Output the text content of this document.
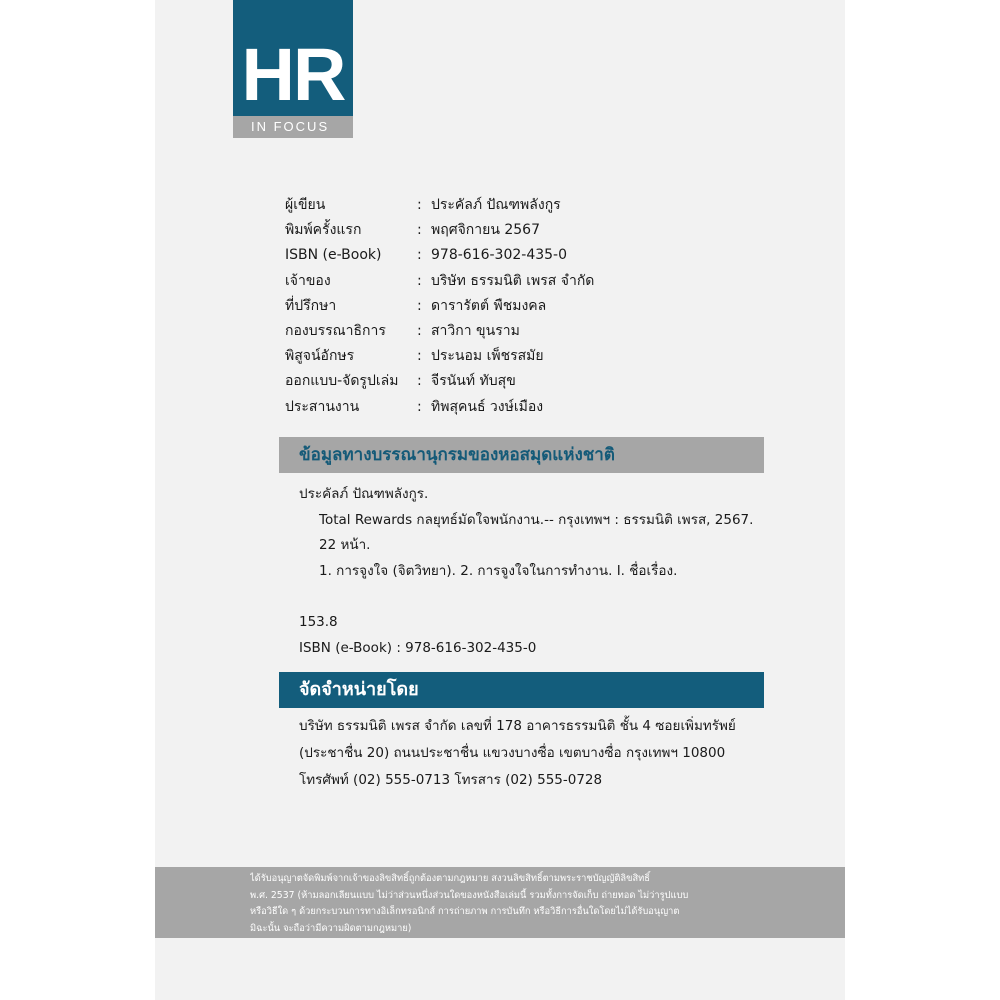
HR
IN FOCUS
ผู้เขียน	: ประคัลภ์ ปัณฑพลังกูร
พิมพ์ครั้งแรก	: พฤศจิกายน 2567
ISBN (e-Book)	: 978-616-302-435-0
เจ้าของ	: บริษัท ธรรมนิติ เพรส จำกัด
ที่ปรึกษา	: ดารารัตต์ พืชมงคล
กองบรรณาธิการ	: สาวิกา ขุนราม
พิสูจน์อักษร	: ประนอม เพ็ชรสมัย
ออกแบบ-จัดรูปเล่ม	: จีรนันท์ ทับสุข
ประสานงาน	: ทิพสุคนธ์ วงษ์เมือง
ข้อมูลทางบรรณานุกรมของหอสมุดแห่งชาติ
ประคัลภ์ ปัณฑพลังกูร.
Total Rewards กลยุทธ์มัดใจพนักงาน.-- กรุงเทพฯ : ธรรมนิติ เพรส, 2567.
22 หน้า.
1. การจูงใจ (จิตวิทยา). 2. การจูงใจในการทำงาน. I. ชื่อเรื่อง.
153.8
ISBN (e-Book) : 978-616-302-435-0
จัดจำหน่ายโดย
บริษัท ธรรมนิติ เพรส จำกัด เลขที่ 178 อาคารธรรมนิติ ชั้น 4 ซอยเพิ่มทรัพย์
(ประชาชื่น 20) ถนนประชาชื่น แขวงบางซื่อ เขตบางซื่อ กรุงเทพฯ 10800
โทรศัพท์ (02) 555-0713 โทรสาร (02) 555-0728
ได้รับอนุญาตจัดพิมพ์จากเจ้าของลิขสิทธิ์ถูกต้องตามกฎหมาย สงวนลิขสิทธิ์ตามพระราชบัญญัติลิขสิทธิ์
พ.ศ. 2537 (ห้ามลอกเลียนแบบ ไม่ว่าส่วนหนึ่งส่วนใดของหนังสือเล่มนี้ รวมทั้งการจัดเก็บ ถ่ายทอด ไม่ว่ารูปแบบ
หรือวิธีใด ๆ ด้วยกระบวนการทางอิเล็กทรอนิกส์ การถ่ายภาพ การบันทึก หรือวิธีการอื่นใดโดยไม่ได้รับอนุญาต
มิฉะนั้น จะถือว่ามีความผิดตามกฎหมาย)
